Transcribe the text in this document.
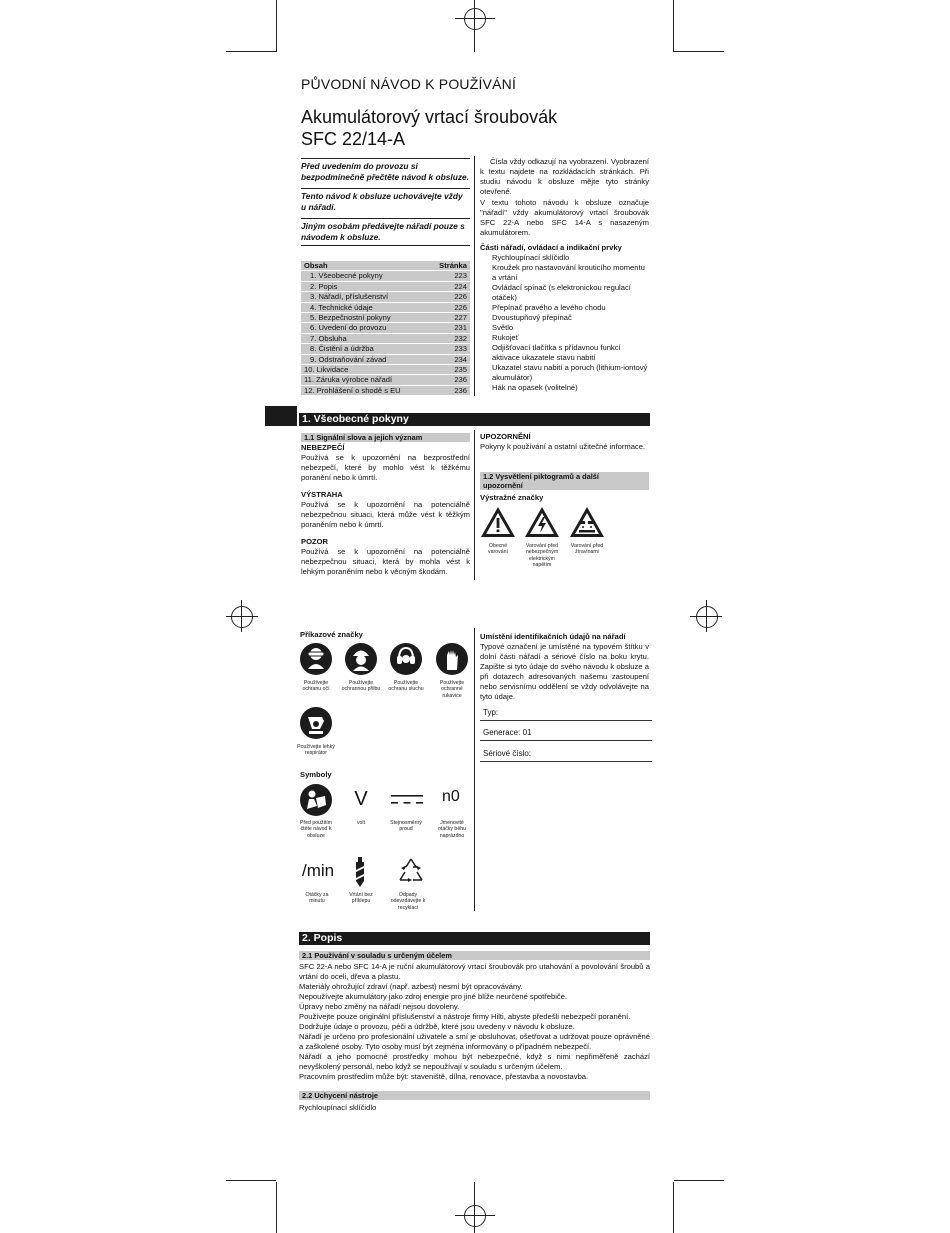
PŮVODNÍ NÁVOD K POUŽÍVÁNÍ
Akumulátorový vrtací šroubovák
SFC 22/14-A
Před uvedením do provozu si bezpodmínečně přečtěte návod k obsluze.
Tento návod k obsluze uchovávejte vždy u nářadí.
Jiným osobám předávejte nářadí pouze s návodem k obsluze.
Obsah	Stránka
1. Všeobecné pokyny	223
2. Popis	224
3. Nářadí, příslušenství	226
4. Technické údaje	226
5. Bezpečnostní pokyny	227
6. Uvedení do provozu	231
7. Obsluha	232
8. Čistění a údržba	233
9. Odstraňování závad	234
10. Likvidace	235
11. Záruka výrobce nářadí	236
12. Prohlášení o shodě s EU	236
Čísla vždy odkazují na vyobrazení. Vyobrazení k textu najdete na rozkládacích stránkách. Při studiu návodu k obsluze mějte tyto stránky otevřené.
V textu tohoto návodu k obsluze označuje "nářadí" vždy akumulátorový vrtací šroubovák SFC 22-A nebo SFC 14-A s nasazeným akumulátorem.
Části nářadí, ovládací a indikační prvky
Rychloupínací sklíčidlo
Kroužek pro nastavování krouticího momentu a vrtání
Ovládací spínač (s elektronickou regulací otáček)
Přepínač pravého a levého chodu
Dvoustupňový přepínač
Světlo
Rukojeť
Odjišťovací tlačítka s přídavnou funkcí aktivace ukazatele stavu nabití
Ukazatel stavu nabití a poruch (lithium-iontový akumulátor)
Hák na opasek (volitelné)
1. Všeobecné pokyny
1.1 Signální slova a jejich význam
NEBEZPEČÍ
Používá se k upozornění na bezprostřední nebezpečí, které by mohlo vést k těžkému poranění nebo k úmrtí.
VÝSTRAHA
Používá se k upozornění na potenciálně nebezpečnou situaci, která může vést k těžkým poraněním nebo k úmrtí.
POZOR
Používá se k upozornění na potenciálně nebezpečnou situaci, která by mohla vést k lehkým poraněním nebo k věcným škodám.
UPOZORNĚNÍ
Pokyny k používání a ostatní užitečné informace.
1.2 Vysvětlení piktogramů a další upozornění
Výstražné značky
Obecné varování
Varování před nebezpečným elektrickým napětím
Varování před žíravinami
Příkazové značky
Používejte ochranu očí
Používejte ochrannou přilbu
Používejte ochranu sluchu
Používejte ochranné rukavice
Používejte lehký respirátor
Symboly
V	n0
Před použitím čtěte návod k obsluze
volt	Stejnosměrný proud
Jmenovité otáčky běhu naprázdno
/min
Otáčky za minutu
Vrtání bez příklepu
Odpady odevzdávejte k recyklaci
Umístění identifikačních údajů na nářadí
Typové označení je umístěné na typovém štítku v dolní části nářadí a sériové číslo na boku krytu. Zapište si tyto údaje do svého návodu k obsluze a při dotazech adresovaných našemu zastoupení nebo servisnímu oddělení se vždy odvolávejte na tyto údaje.
Typ:
Generace: 01
Sériové číslo:
2. Popis
2.1 Používání v souladu s určeným účelem
SFC 22-A nebo SFC 14-A je ruční akumulátorový vrtací šroubovák pro utahování a povolování šroubů a vrtání do oceli, dřeva a plastu.
Materiály ohrožující zdraví (např. azbest) nesmí být opracovávány.
Nepoužívejte akumulátory jako zdroj energie pro jiné blíže neurčené spotřebiče.
Úpravy nebo změny na nářadí nejsou dovoleny.
Používejte pouze originální příslušenství a nástroje firmy Hilti, abyste předešli nebezpečí poranění.
Dodržujte údaje o provozu, péči a údržbě, které jsou uvedeny v návodu k obsluze.
Nářadí je určeno pro profesionální uživatele a smí je obsluhovat, ošetřovat a udržovat pouze oprávněné a zaškolené osoby. Tyto osoby musí být zejména informovány o případném nebezpečí.
Nářadí a jeho pomocné prostředky mohou být nebezpečné, když s nimi nepřiměřeně zachází nevyškolený personál, nebo když se nepoužívají v souladu s určeným účelem.
Pracovním prostředím může být: staveniště, dílna, renovace, přestavba a novostavba.
2.2 Uchycení nástroje
Rychloupínací sklíčidlo
